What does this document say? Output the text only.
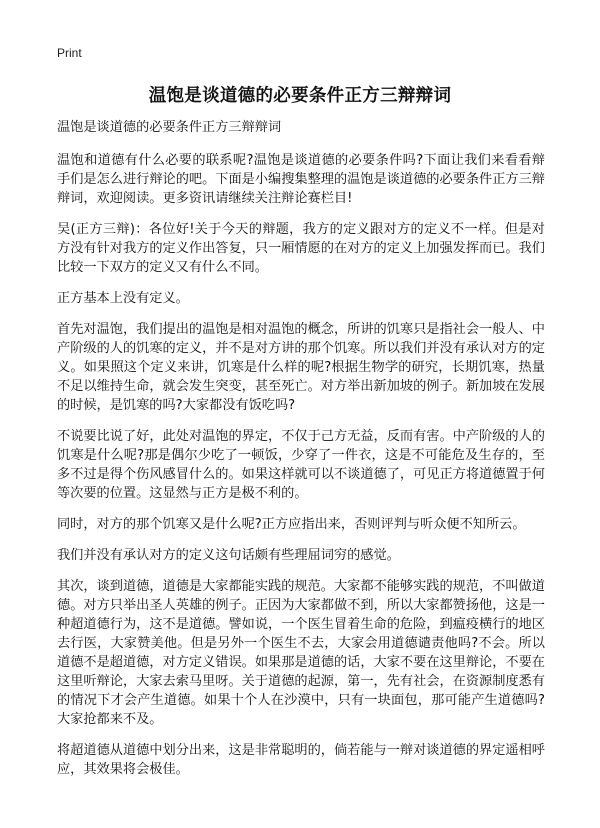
Print
温饱是谈道德的必要条件正方三辩辩词

温饱是谈道德的必要条件正方三辩辩词

温饱和道德有什么必要的联系呢?温饱是谈道德的必要条件吗?下面让我们来看看辩手们是怎么进行辩论的吧。下面是小编搜集整理的温饱是谈道德的必要条件正方三辩辩词，欢迎阅读。更多资讯请继续关注辩论赛栏目!

吴(正方三辩)：各位好!关于今天的辩题，我方的定义跟对方的定义不一样。但是对方没有针对我方的定义作出答复，只一厢情愿的在对方的定义上加强发挥而已。我们比较一下双方的定义又有什么不同。

正方基本上没有定义。

首先对温饱，我们提出的温饱是相对温饱的概念，所讲的饥寒只是指社会一般人、中产阶级的人的饥寒的定义，并不是对方讲的那个饥寒。所以我们并没有承认对方的定义。如果照这个定义来讲，饥寒是什么样的呢?根据生物学的研究，长期饥寒，热量不足以维持生命，就会发生突变，甚至死亡。对方举出新加坡的例子。新加坡在发展的时候，是饥寒的吗?大家都没有饭吃吗?

不说要比说了好，此处对温饱的界定，不仅于己方无益，反而有害。中产阶级的人的饥寒是什么呢?那是偶尔少吃了一顿饭，少穿了一件衣，这是不可能危及生存的，至多不过是得个伤风感冒什么的。如果这样就可以不谈道德了，可见正方将道德置于何等次要的位置。这显然与正方是极不利的。

同时，对方的那个饥寒又是什么呢?正方应指出来，否则评判与听众便不知所云。

我们并没有承认对方的定义这句话颇有些理屈词穷的感觉。

其次，谈到道德，道德是大家都能实践的规范。大家都不能够实践的规范，不叫做道德。对方只举出圣人英雄的例子。正因为大家都做不到，所以大家都赞扬他，这是一种超道德行为，这不是道德。譬如说，一个医生冒着生命的危险，到瘟疫横行的地区去行医，大家赞美他。但是另外一个医生不去，大家会用道德谴责他吗?不会。所以道德不是超道德，对方定义错误。如果那是道德的话，大家不要在这里辩论，不要在这里听辩论，大家去索马里呀。关于道德的起源，第一，先有社会，在资源制度悉有的情况下才会产生道德。如果十个人在沙漠中，只有一块面包，那可能产生道德吗?大家抢都来不及。

将超道德从道德中划分出来，这是非常聪明的，倘若能与一辩对谈道德的界定遥相呼应，其效果将会极佳。
